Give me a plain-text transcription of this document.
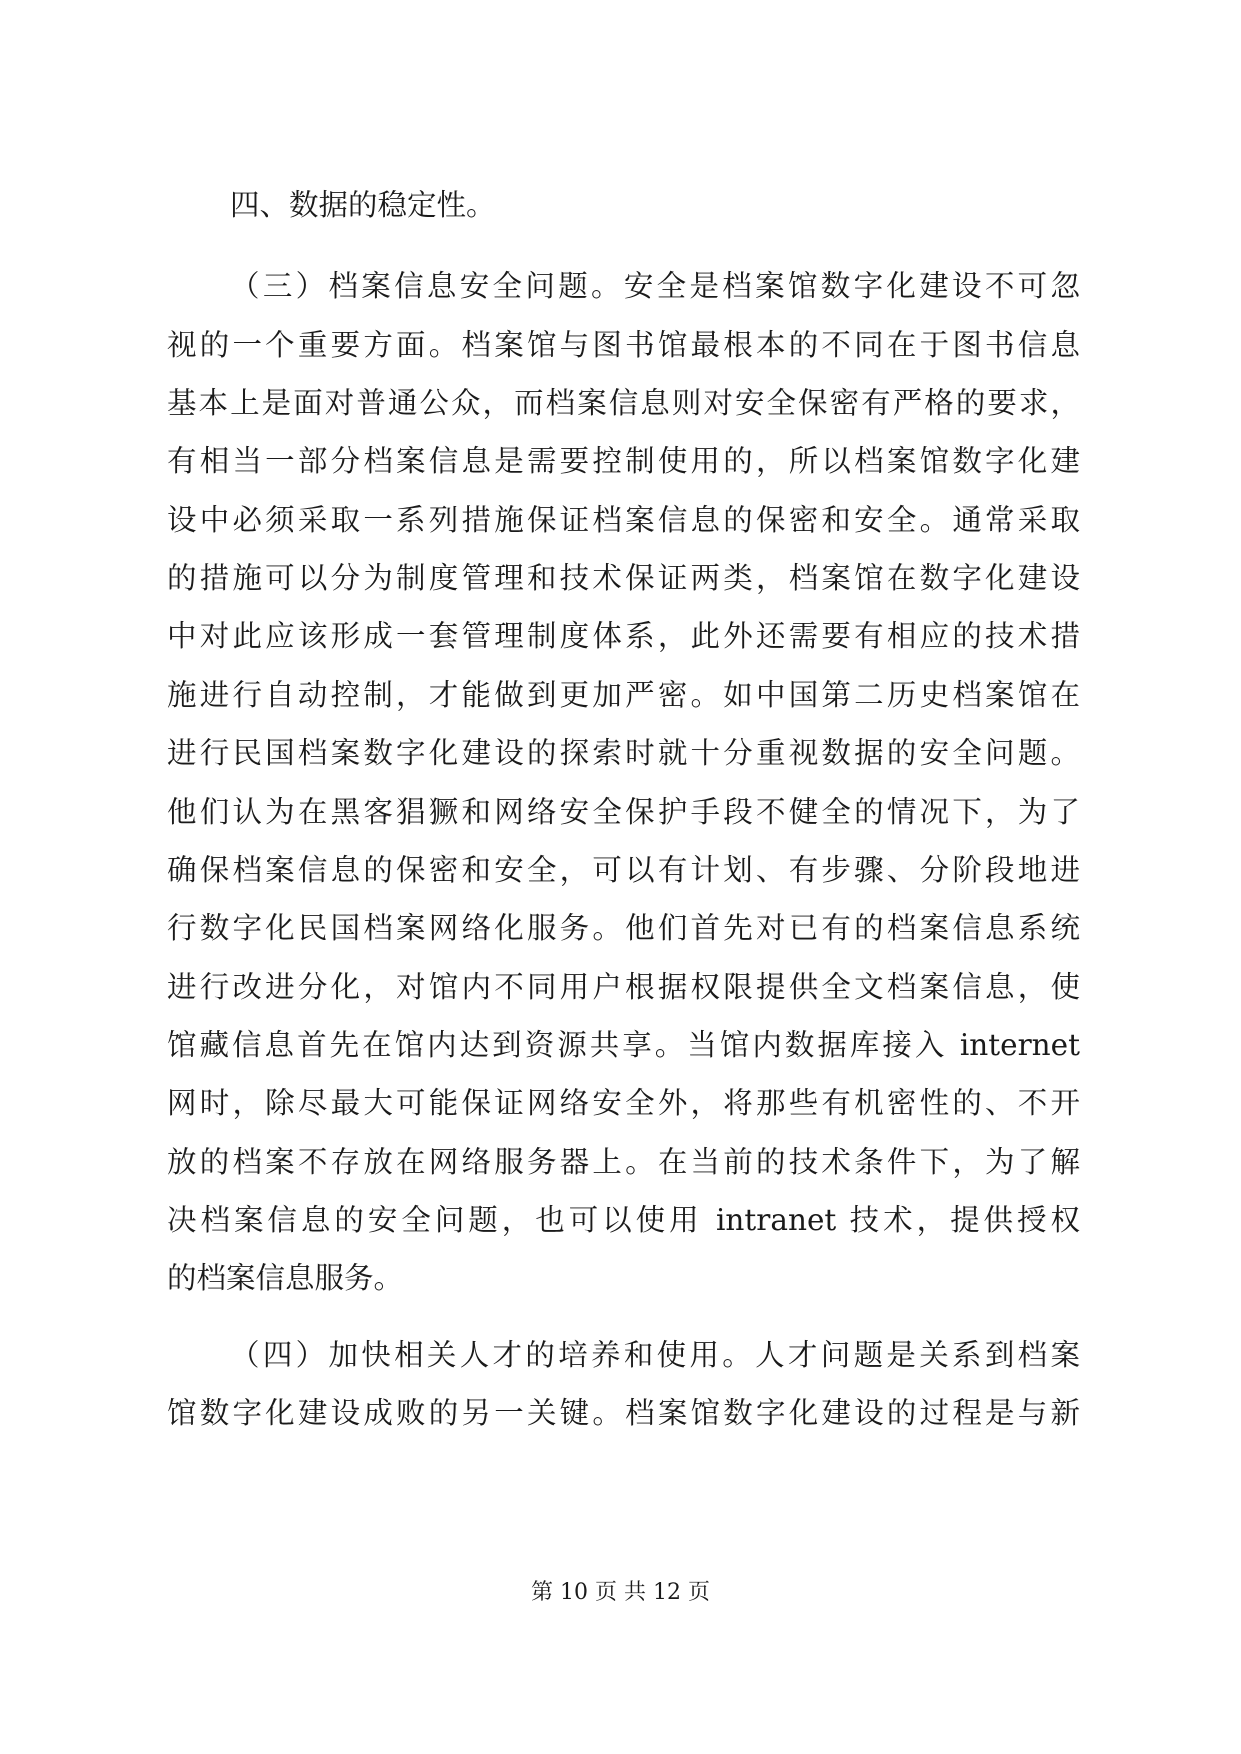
四、数据的稳定性。
（三）档案信息安全问题。安全是档案馆数字化建设不可忽
视的一个重要方面。档案馆与图书馆最根本的不同在于图书信息
基本上是面对普通公众，而档案信息则对安全保密有严格的要求，
有相当一部分档案信息是需要控制使用的，所以档案馆数字化建
设中必须采取一系列措施保证档案信息的保密和安全。通常采取
的措施可以分为制度管理和技术保证两类，档案馆在数字化建设
中对此应该形成一套管理制度体系，此外还需要有相应的技术措
施进行自动控制，才能做到更加严密。如中国第二历史档案馆在
进行民国档案数字化建设的探索时就十分重视数据的安全问题。
他们认为在黑客猖獗和网络安全保护手段不健全的情况下，为了
确保档案信息的保密和安全，可以有计划、有步骤、分阶段地进
行数字化民国档案网络化服务。他们首先对已有的档案信息系统
进行改进分化，对馆内不同用户根据权限提供全文档案信息，使
馆藏信息首先在馆内达到资源共享。当馆内数据库接入 internet
网时，除尽最大可能保证网络安全外，将那些有机密性的、不开
放的档案不存放在网络服务器上。在当前的技术条件下，为了解
决档案信息的安全问题，也可以使用 intranet 技术，提供授权
的档案信息服务。
（四）加快相关人才的培养和使用。人才问题是关系到档案
馆数字化建设成败的另一关键。档案馆数字化建设的过程是与新
第 10 页 共 12 页
